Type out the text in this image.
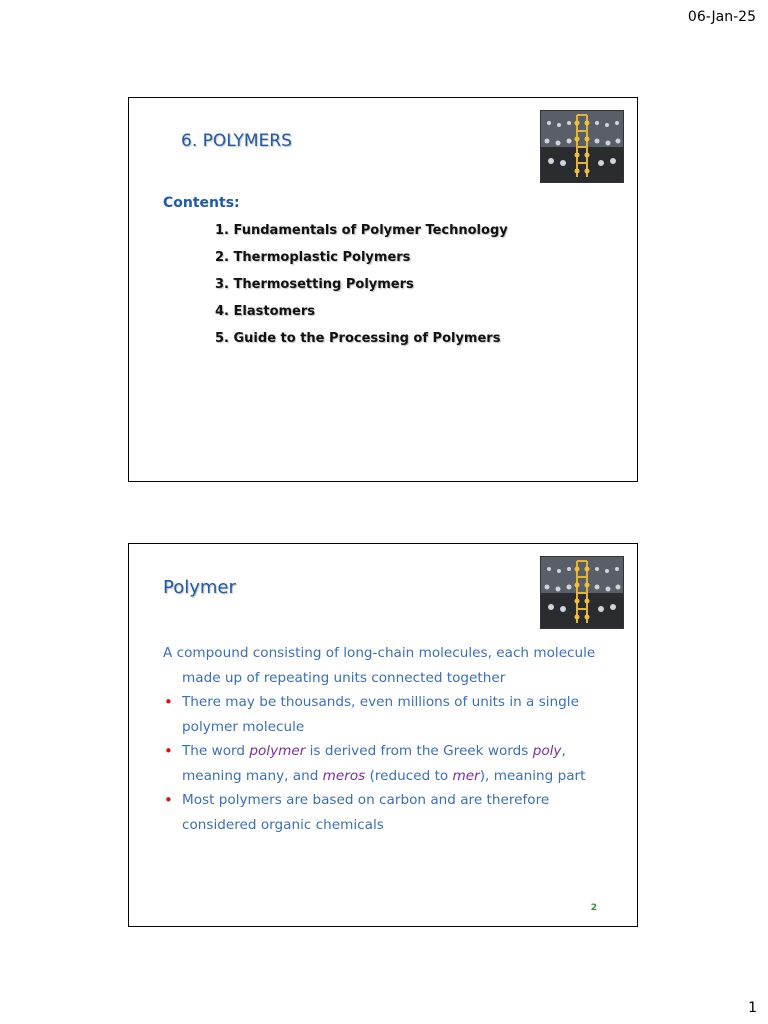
06-Jan-25
6. POLYMERS
Contents:
1. Fundamentals of Polymer Technology
2. Thermoplastic Polymers
3. Thermosetting Polymers
4. Elastomers
5. Guide to the Processing of Polymers
Polymer

A compound consisting of long-chain molecules, each molecule made up of repeating units connected together

• There may be thousands, even millions of units in a single polymer molecule
• The word polymer is derived from the Greek words poly, meaning many, and meros (reduced to mer), meaning part
• Most polymers are based on carbon and are therefore considered organic chemicals
2
1
